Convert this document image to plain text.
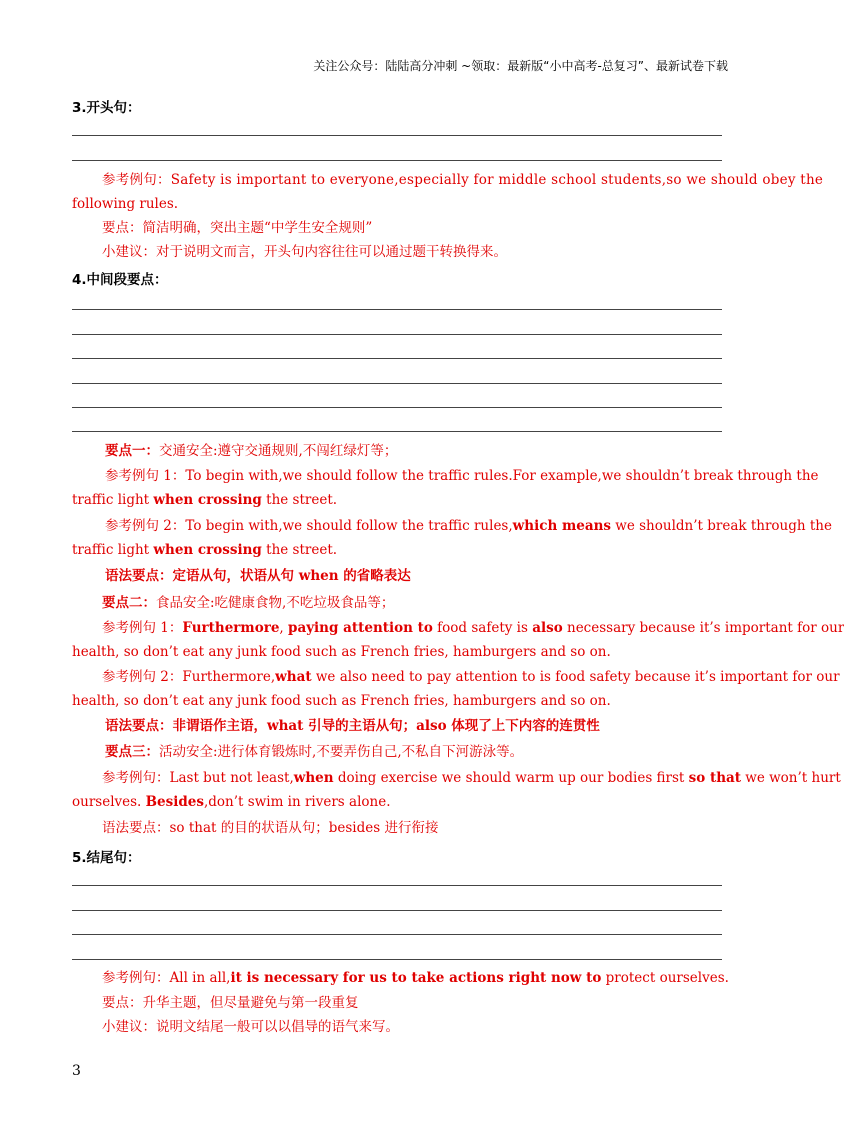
关注公众号：陆陆高分冲刺 ~领取：最新版“小中高考-总复习”、最新试卷下载
3.开头句：
参考例句：Safety is important to everyone,especially for middle school students,so we should obey the
following rules.
要点：简洁明确，突出主题“中学生安全规则”
小建议：对于说明文而言，开头句内容往往可以通过题干转换得来。
4.中间段要点：
要点一：交通安全:遵守交通规则,不闯红绿灯等；
参考例句 1：To begin with,we should follow the traffic rules.For example,we shouldn’t break through the
traffic light when crossing the street.
参考例句 2：To begin with,we should follow the traffic rules,which means we shouldn’t break through the
traffic light when crossing the street.
语法要点：定语从句，状语从句 when 的省略表达
要点二：食品安全:吃健康食物,不吃垃圾食品等；
参考例句 1：Furthermore, paying attention to food safety is also necessary because it’s important for our
health, so don’t eat any junk food such as French fries, hamburgers and so on.
参考例句 2：Furthermore,what we also need to pay attention to is food safety because it’s important for our
health, so don’t eat any junk food such as French fries, hamburgers and so on.
语法要点：非谓语作主语，what 引导的主语从句；also 体现了上下内容的连贯性
要点三：活动安全:进行体育锻炼时,不要弄伤自己,不私自下河游泳等。
参考例句：Last but not least,when doing exercise we should warm up our bodies first so that we won’t hurt
ourselves. Besides,don’t swim in rivers alone.
语法要点：so that 的目的状语从句；besides 进行衔接
5.结尾句：
参考例句：All in all,it is necessary for us to take actions right now to protect ourselves.
要点：升华主题，但尽量避免与第一段重复
小建议：说明文结尾一般可以以倡导的语气来写。
3
